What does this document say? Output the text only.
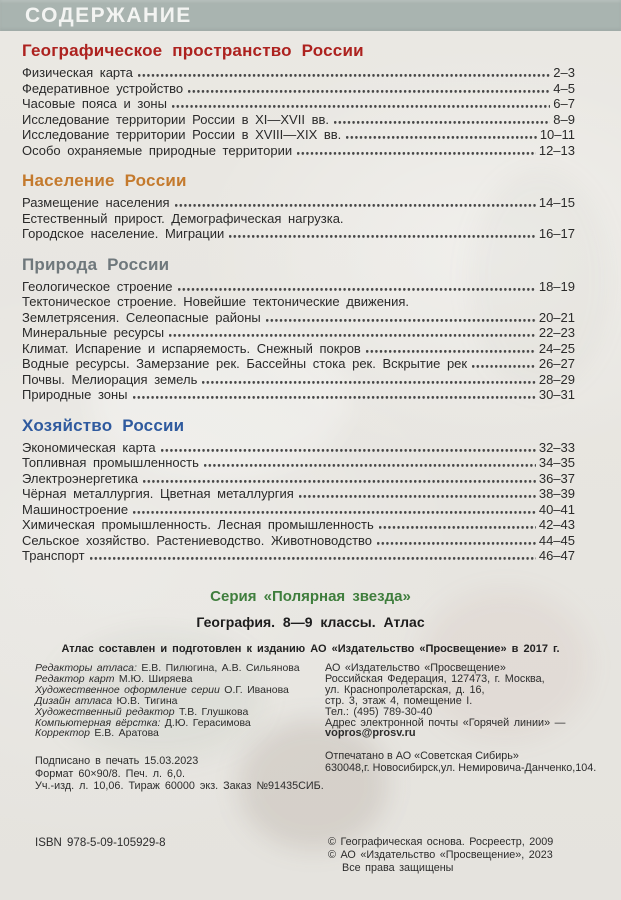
СОДЕРЖАНИЕ
Географическое пространство России
Физическая карта	2–3
Федеративное устройство	4–5
Часовые пояса и зоны	6–7
Исследование территории России в XI—XVII вв.	8–9
Исследование территории России в XVIII—XIX вв.	10–11
Особо охраняемые природные территории	12–13
Население России
Размещение населения	14–15
Естественный прирост. Демографическая нагрузка.
Городское население. Миграции	16–17
Природа России
Геологическое строение	18–19
Тектоническое строение. Новейшие тектонические движения.
Землетрясения. Селеопасные районы	20–21
Минеральные ресурсы	22–23
Климат. Испарение и испаряемость. Снежный покров	24–25
Водные ресурсы. Замерзание рек. Бассейны стока рек. Вскрытие рек	26–27
Почвы. Мелиорация земель	28–29
Природные зоны	30–31
Хозяйство России
Экономическая карта	32–33
Топливная промышленность	34–35
Электроэнергетика	36–37
Чёрная металлургия. Цветная металлургия	38–39
Машиностроение	40–41
Химическая промышленность. Лесная промышленность	42–43
Сельское хозяйство. Растениеводство. Животноводство	44–45
Транспорт	46–47
Серия «Полярная звезда»
География. 8—9 классы. Атлас
Атлас составлен и подготовлен к изданию АО «Издательство «Просвещение» в 2017 г.
Редакторы атласа: Е.В. Пилюгина, А.В. Сильянова
Редактор карт М.Ю. Ширяева
Художественное оформление серии О.Г. Иванова
Дизайн атласа Ю.В. Тигина
Художественный редактор Т.В. Глушкова
Компьютерная вёрстка: Д.Ю. Герасимова
Корректор Е.В. Аратова
Подписано в печать 15.03.2023
Формат 60×90/8. Печ. л. 6,0.
Уч.-изд. л. 10,06. Тираж 60000 экз. Заказ №91435СИБ.
АО «Издательство «Просвещение»
Российская Федерация, 127473, г. Москва,
ул. Краснопролетарская, д. 16,
стр. 3, этаж 4, помещение I.
Тел.: (495) 789-30-40
Адрес электронной почты «Горячей линии» —
vopros@prosv.ru
Отпечатано в АО «Советская Сибирь»
630048,г. Новосибирск,ул. Немировича-Данченко,104.
ISBN 978-5-09-105929-8	© Географическая основа. Росреестр, 2009
© АО «Издательство «Просвещение», 2023
Все права защищены
